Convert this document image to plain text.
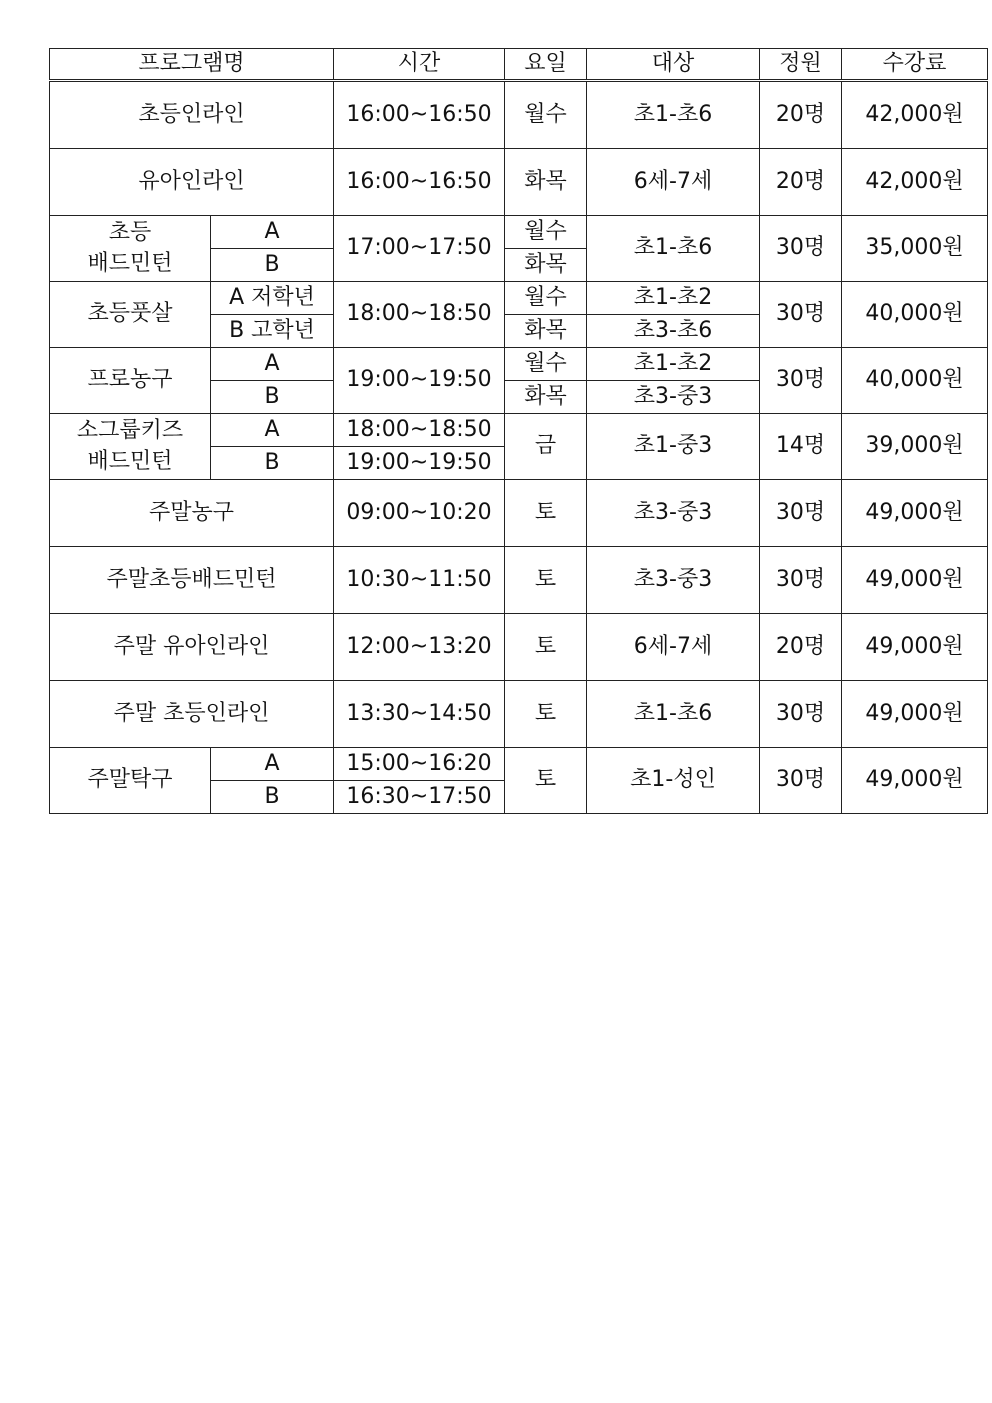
프로그램명		시간	요일	대상	정원	수강료
초등인라인		16:00~16:50	월수	초1-초6	20명	42,000원
유아인라인		16:00~16:50	화목	6세-7세	20명	42,000원

초등
배드민턴	A	17:00~17:50	월수	초1-초6	30명	35,000원
	B		화목			
초등풋살	A 저학년	18:00~18:50	월수	초1-초2	30명	40,000원
	B 고학년		화목	초3-초6		
프로농구	A	19:00~19:50	월수	초1-초2	30명	40,000원
	B		화목	초3-중3		

소그룹키즈
배드민턴	A	18:00~18:50	금	초1-중3	14명	39,000원
	B	19:00~19:50				
주말농구		09:00~10:20	토	초3-중3	30명	49,000원
주말초등배드민턴		10:30~11:50	토	초3-중3	30명	49,000원
주말 유아인라인		12:00~13:20	토	6세-7세	20명	49,000원
주말 초등인라인		13:30~14:50	토	초1-초6	30명	49,000원
주말탁구	A	15:00~16:20	토	초1-성인	30명	49,000원
	B	16:30~17:50				
